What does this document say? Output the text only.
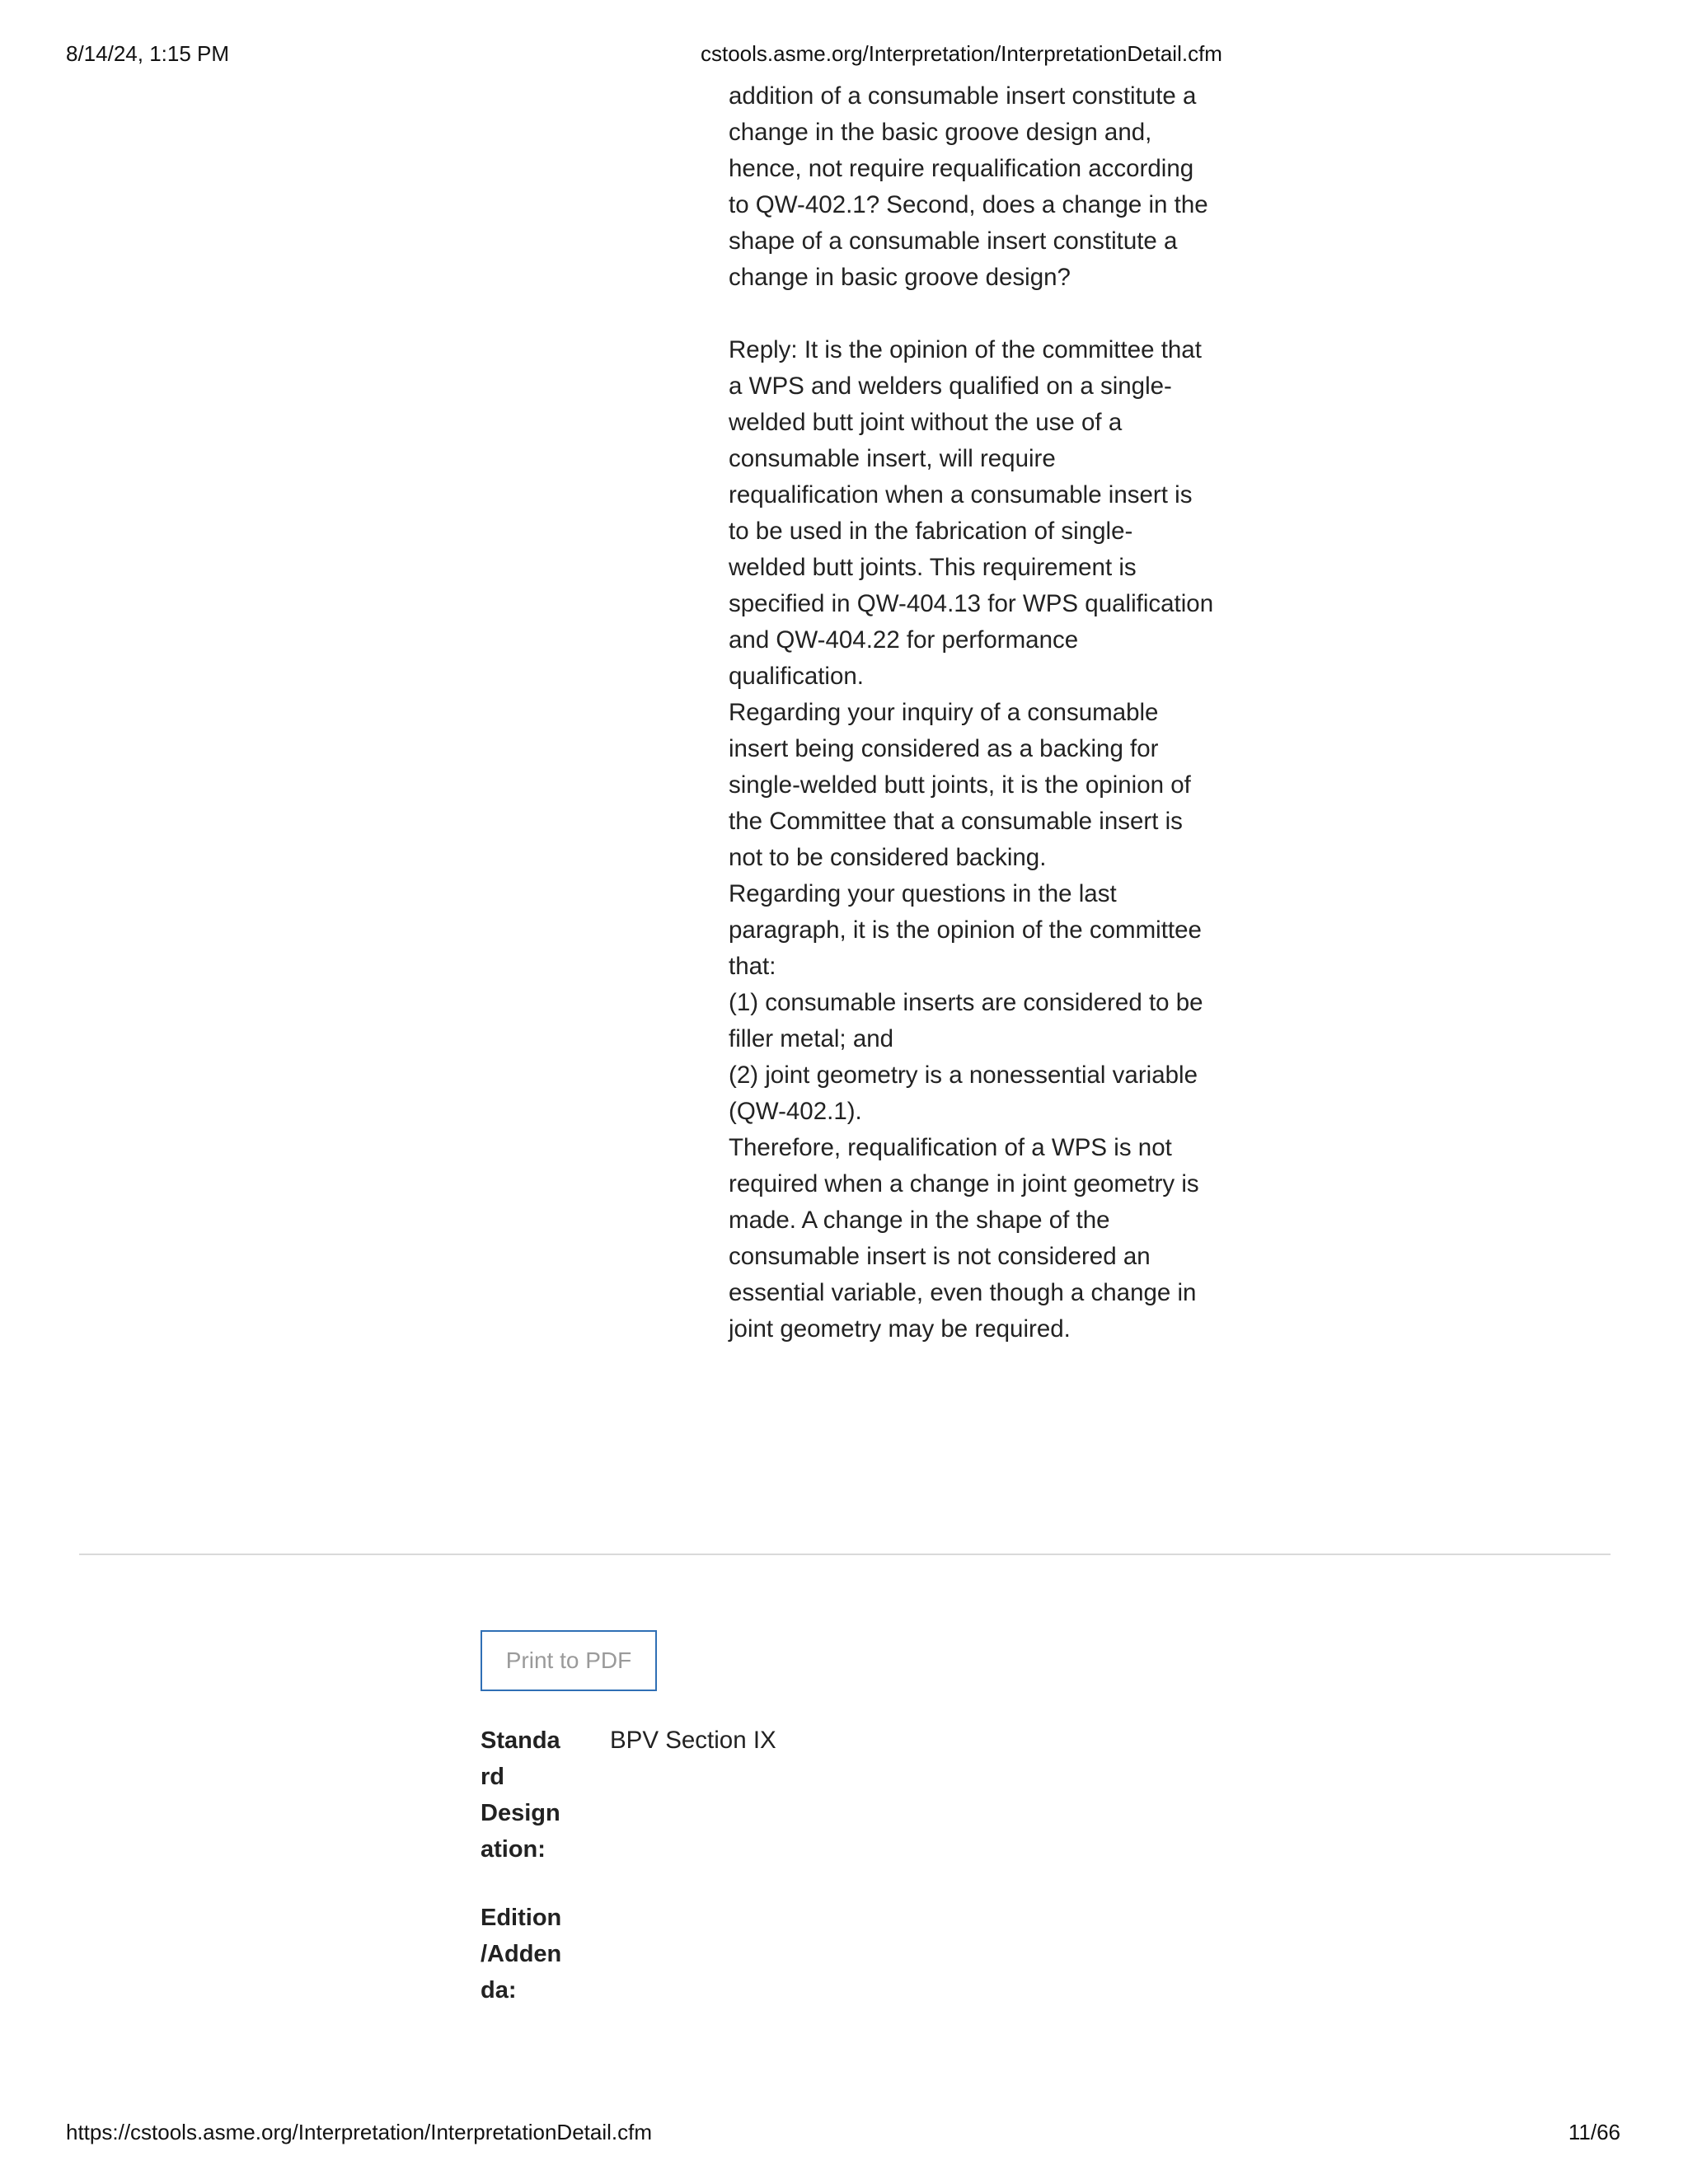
8/14/24, 1:15 PM	cstools.asme.org/Interpretation/InterpretationDetail.cfm
addition of a consumable insert constitute a
change in the basic groove design and,
hence, not require requalification according
to QW-402.1? Second, does a change in the
shape of a consumable insert constitute a
change in basic groove design?
Reply: It is the opinion of the committee that
a WPS and welders qualified on a single-
welded butt joint without the use of a
consumable insert, will require
requalification when a consumable insert is
to be used in the fabrication of single-
welded butt joints. This requirement is
specified in QW-404.13 for WPS qualification
and QW-404.22 for performance
qualification.
Regarding your inquiry of a consumable
insert being considered as a backing for
single-welded butt joints, it is the opinion of
the Committee that a consumable insert is
not to be considered backing.
Regarding your questions in the last
paragraph, it is the opinion of the committee
that:
(1) consumable inserts are considered to be
filler metal; and
(2) joint geometry is a nonessential variable
(QW-402.1).
Therefore, requalification of a WPS is not
required when a change in joint geometry is
made. A change in the shape of the
consumable insert is not considered an
essential variable, even though a change in
joint geometry may be required.
Print to PDF
Standa
rd
Design
ation:
BPV Section IX
Edition
/Adden
da:
https://cstools.asme.org/Interpretation/InterpretationDetail.cfm	11/66
